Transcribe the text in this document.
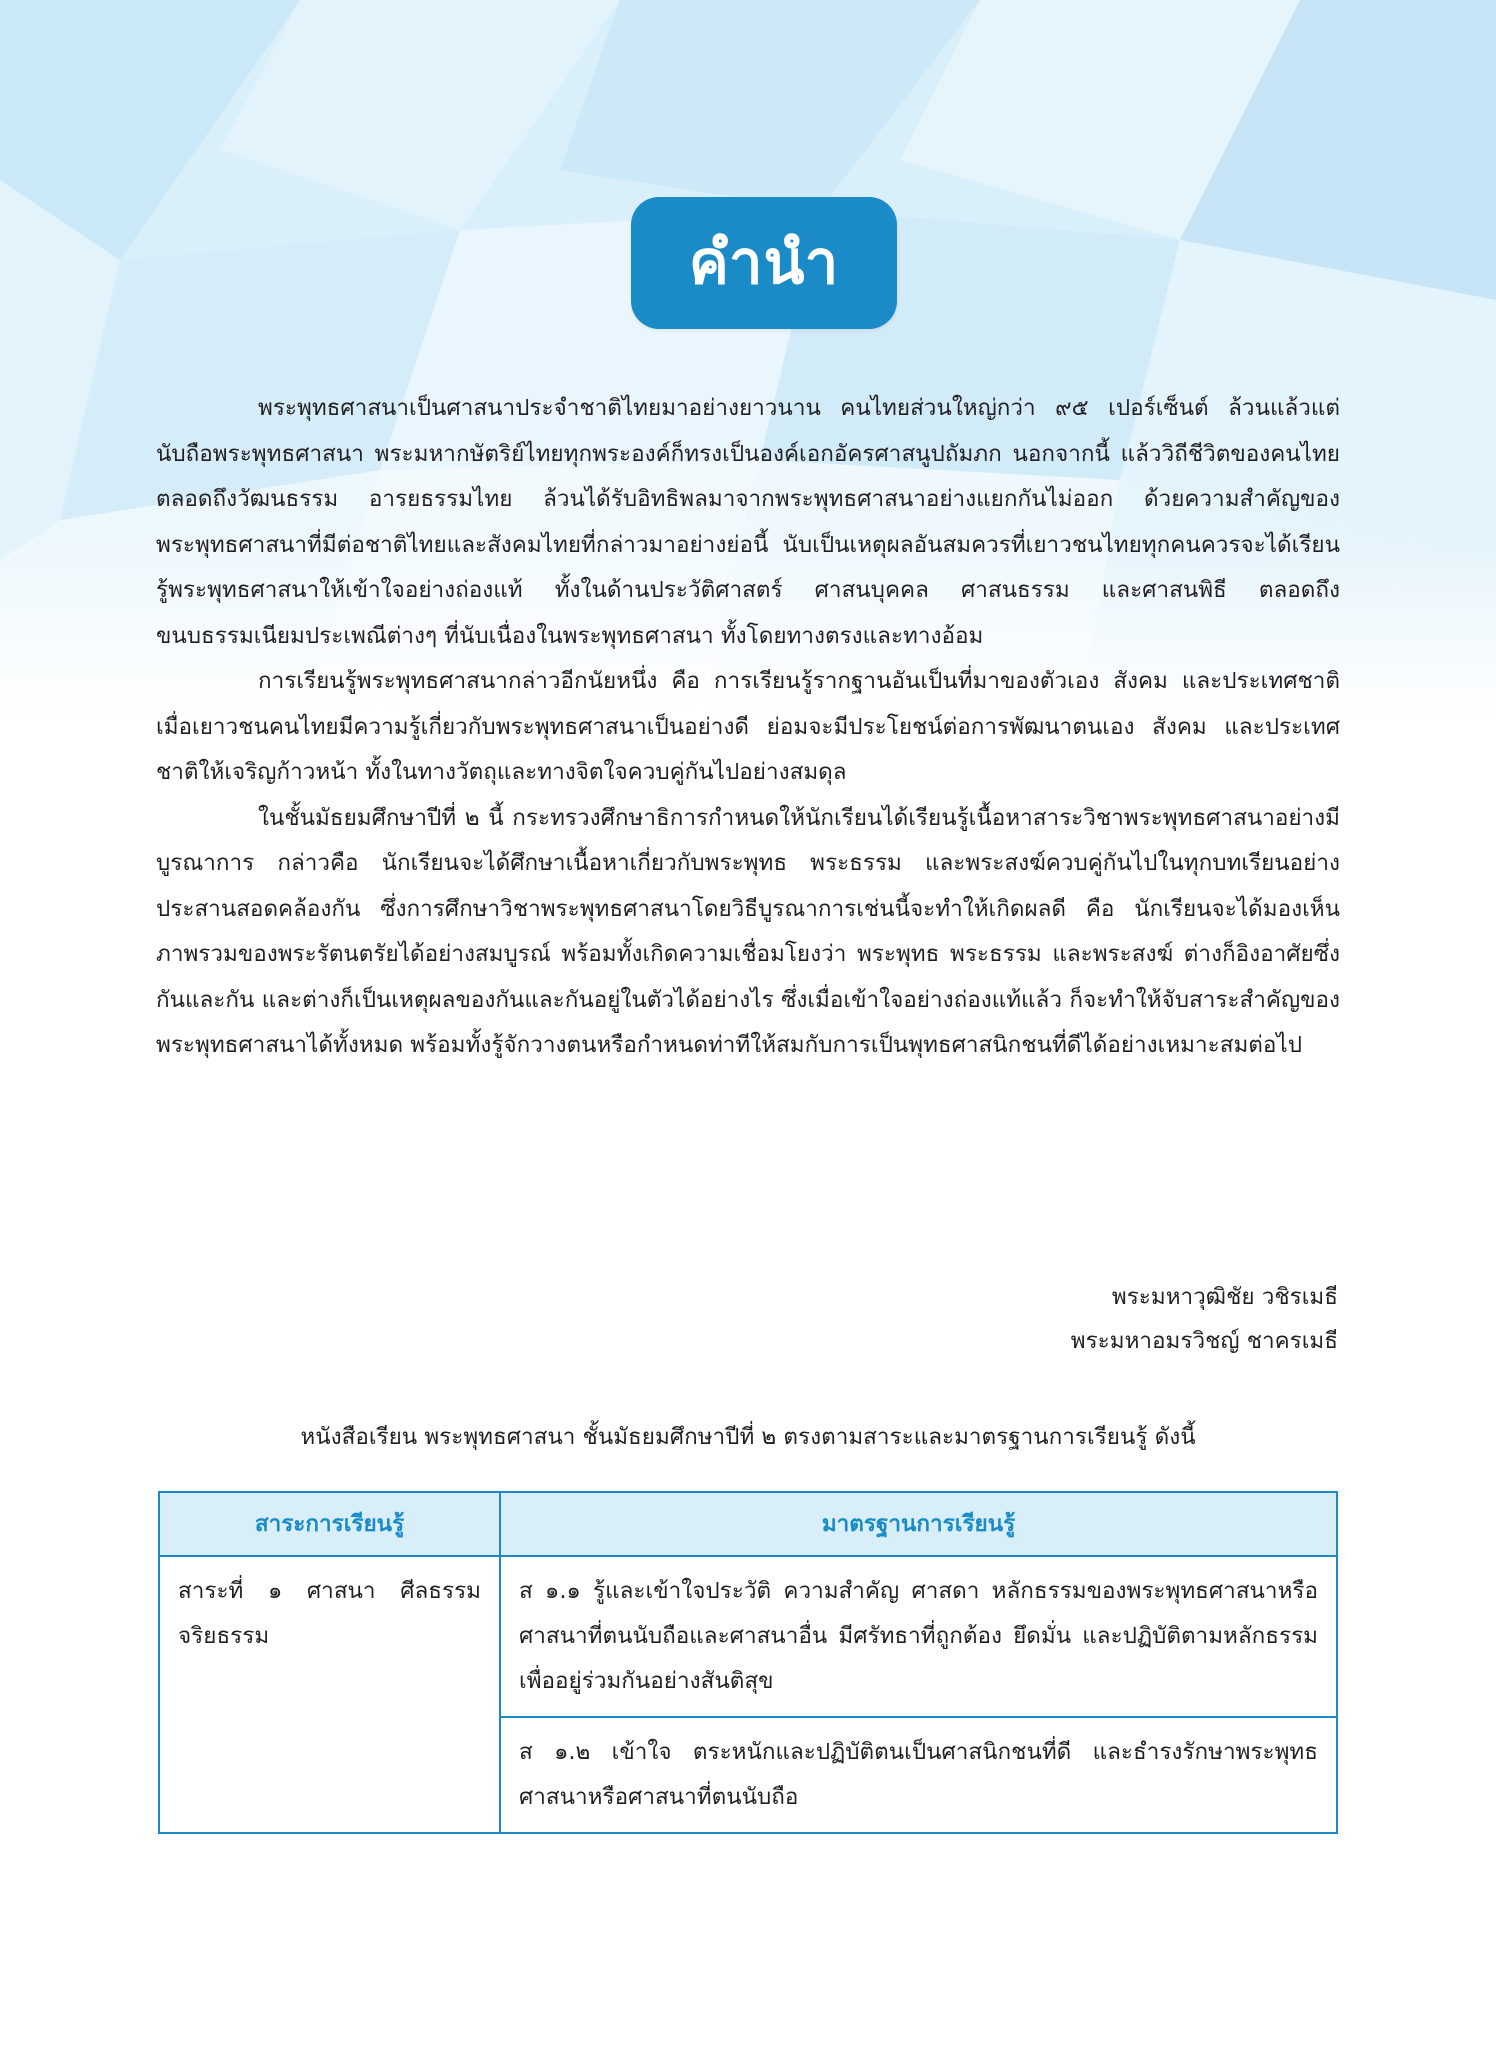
คำนำ

พระพุทธศาสนาเป็นศาสนาประจำชาติไทยมาอย่างยาวนาน คนไทยส่วนใหญ่กว่า ๙๕ เปอร์เซ็นต์ ล้วนแล้วแต่นับถือพระพุทธศาสนา พระมหากษัตริย์ไทยทุกพระองค์ก็ทรงเป็นองค์เอกอัครศาสนูปถัมภก นอกจากนี้ แล้ววิถีชีวิตของคนไทย ตลอดถึงวัฒนธรรม อารยธรรมไทย ล้วนได้รับอิทธิพลมาจากพระพุทธศาสนาอย่างแยกกันไม่ออก ด้วยความสำคัญของพระพุทธศาสนาที่มีต่อชาติไทยและสังคมไทยที่กล่าวมาอย่างย่อนี้ นับเป็นเหตุผลอันสมควรที่เยาวชนไทยทุกคนควรจะได้เรียนรู้พระพุทธศาสนาให้เข้าใจอย่างถ่องแท้ ทั้งในด้านประวัติศาสตร์ ศาสนบุคคล ศาสนธรรม และศาสนพิธี ตลอดถึงขนบธรรมเนียมประเพณีต่างๆ ที่นับเนื่องในพระพุทธศาสนา ทั้งโดยทางตรงและทางอ้อม

การเรียนรู้พระพุทธศาสนากล่าวอีกนัยหนึ่ง คือ การเรียนรู้รากฐานอันเป็นที่มาของตัวเอง สังคม และประเทศชาติ เมื่อเยาวชนคนไทยมีความรู้เกี่ยวกับพระพุทธศาสนาเป็นอย่างดี ย่อมจะมีประโยชน์ต่อการพัฒนาตนเอง สังคม และประเทศชาติให้เจริญก้าวหน้า ทั้งในทางวัตถุและทางจิตใจควบคู่กันไปอย่างสมดุล

ในชั้นมัธยมศึกษาปีที่ ๒ นี้ กระทรวงศึกษาธิการกำหนดให้นักเรียนได้เรียนรู้เนื้อหาสาระวิชาพระพุทธศาสนาอย่างมีบูรณาการ กล่าวคือ นักเรียนจะได้ศึกษาเนื้อหาเกี่ยวกับพระพุทธ พระธรรม และพระสงฆ์ควบคู่กันไปในทุกบทเรียนอย่างประสานสอดคล้องกัน ซึ่งการศึกษาวิชาพระพุทธศาสนาโดยวิธีบูรณาการเช่นนี้จะทำให้เกิดผลดี คือ นักเรียนจะได้มองเห็นภาพรวมของพระรัตนตรัยได้อย่างสมบูรณ์ พร้อมทั้งเกิดความเชื่อมโยงว่า พระพุทธ พระธรรม และพระสงฆ์ ต่างก็อิงอาศัยซึ่งกันและกัน และต่างก็เป็นเหตุผลของกันและกันอยู่ในตัวได้อย่างไร ซึ่งเมื่อเข้าใจอย่างถ่องแท้แล้ว ก็จะทำให้จับสาระสำคัญของพระพุทธศาสนาได้ทั้งหมด พร้อมทั้งรู้จักวางตนหรือกำหนดท่าทีให้สมกับการเป็นพุทธศาสนิกชนที่ดีได้อย่างเหมาะสมต่อไป

พระมหาวุฒิชัย วชิรเมธี
พระมหาอมรวิชญ์ ชาครเมธี
หนังสือเรียน พระพุทธศาสนา ชั้นมัธยมศึกษาปีที่ ๒ ตรงตามสาระและมาตรฐานการเรียนรู้ ดังนี้
สาระการเรียนรู้	มาตรฐานการเรียนรู้
สาระที่ ๑ ศาสนา ศีลธรรม จริยธรรม	ส ๑.๑ รู้และเข้าใจประวัติ ความสำคัญ ศาสดา หลักธรรมของพระพุทธศาสนาหรือศาสนาที่ตนนับถือและศาสนาอื่น มีศรัทธาที่ถูกต้อง ยึดมั่น และปฏิบัติตามหลักธรรมเพื่ออยู่ร่วมกันอย่างสันติสุข
	ส ๑.๒ เข้าใจ ตระหนักและปฏิบัติตนเป็นศาสนิกชนที่ดี และธำรงรักษาพระพุทธศาสนาหรือศาสนาที่ตนนับถือ
